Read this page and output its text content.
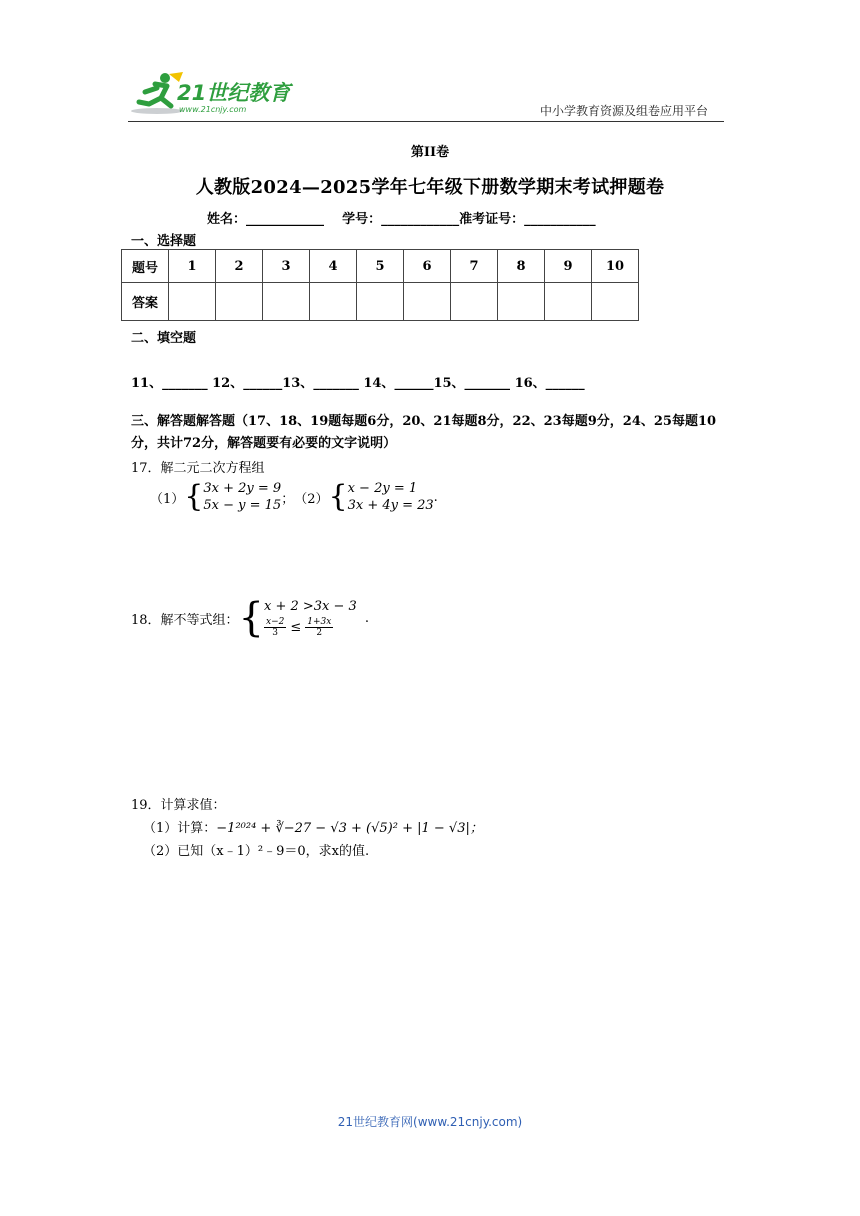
21世纪教育
www.21cnjy.com	中小学教育资源及组卷应用平台
第II卷
人教版2024—2025学年七年级下册数学期末考试押题卷
姓名：____________ 学号：____________准考证号：___________
一、选择题
题号	1	2	3	4	5	6	7	8	9	10
答案										
二、填空题
11、_______ 12、______13、_______ 14、______15、_______ 16、______
三、解答题解答题（17、18、19题每题6分，20、21每题8分，22、23每题9分，24、25每题10分，共计72分，解答题要有必要的文字说明）
17．解二元二次方程组
（1） { 3x + 2y = 9
5x − y = 15 ； （2） { x − 2y = 1
3x + 4y = 23
.
18．解不等式组： { x + 2 >3x − 3
$\frac{x-2}{3} \le \frac{1+3x}{2}$ .
19．计算求值：
（1）计算：−1²⁰²⁴ + ∛−27 − √3 + (√5)² + |1 − √3|；
（2）已知（x﹣1）²﹣9＝0，求x的值.
21世纪教育网(www.21cnjy.com)
